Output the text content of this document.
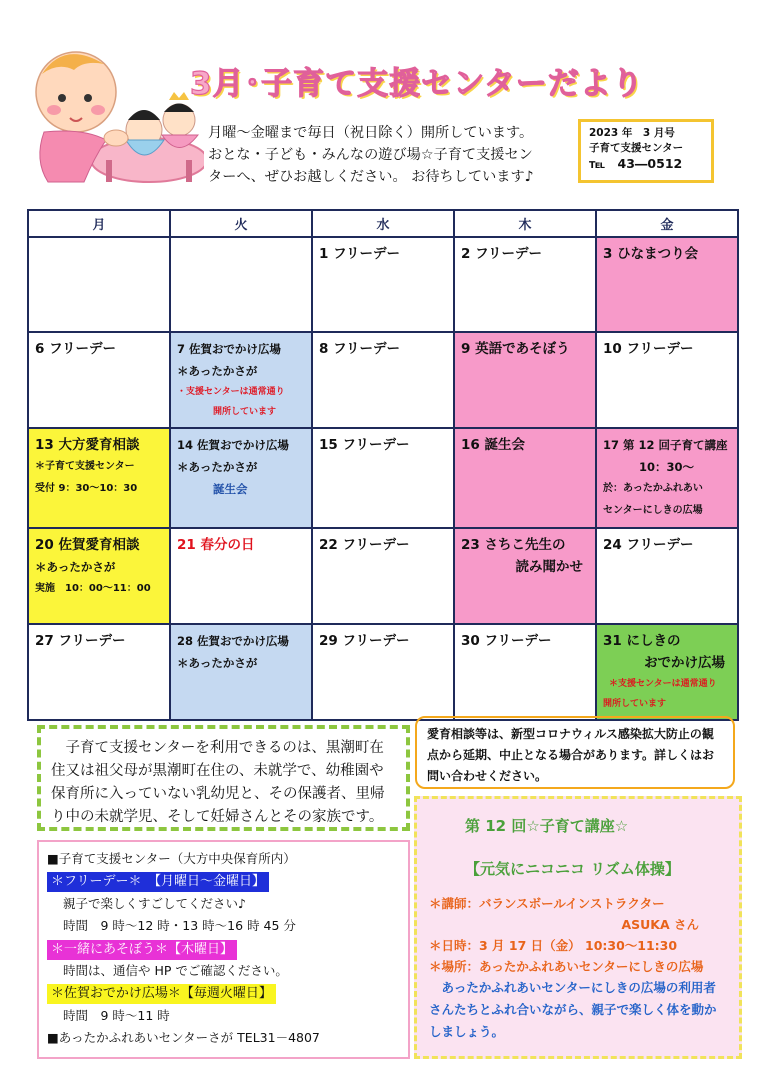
3月･子育て支援センターだより

月曜～金曜まで毎日（祝日除く）開所しています。

おとな・子ども・みんなの遊び場☆子育て支援セン

ターへ、ぜひお越しください。 お待ちしています♪

2023 年　3 月号
子育て支援センター
℡　 43―0512
月	火	水	木	金

		1 フリーデー	2 フリーデー	3 ひなまつり会

6 フリーデー	7 佐賀おでかけ広場
＊あったかさが
・支援センターは通常通り
開所しています	8 フリーデー	9 英語であそぼう	10 フリーデー

13 大方愛育相談
＊子育て支援センター
受付 9：30～10：30	14 佐賀おでかけ広場
＊あったかさが
誕生会	15 フリーデー	16 誕生会	17 第 12 回子育て講座
10：30～
於：あったかふれあい
センターにしきの広場

20 佐賀愛育相談
＊あったかさが
実施　10：00～11：00	21 春分の日	22 フリーデー	23 さちこ先生の
読み聞かせ	24 フリーデー

27 フリーデー	28 佐賀おでかけ広場
＊あったかさが	29 フリーデー	30 フリーデー	31 にしきの
おでかけ広場
＊支援センターは通常通り
開所しています

　子育て支援センターを利用できるのは、黒潮町在

住又は祖父母が黒潮町在住の、未就学で、幼稚園や

保育所に入っていない乳幼児と、その保護者、里帰

り中の未就学児、そして妊婦さんとその家族です。

愛育相談等は、新型コロナウィルス感染拡大防止の観点から延期、中止となる場合があります。詳しくはお問い合わせください。

■子育て支援センター（大方中央保育所内）

＊フリーデー＊　【月曜日～金曜日】

親子で楽しくすごしてください♪

時間　9 時～12 時・13 時～16 時 45 分

＊一緒にあそぼう＊【木曜日】

時間は、通信や HP でご確認ください。

＊佐賀おでかけ広場＊【毎週火曜日】

時間　9 時～11 時

■あったかふれあいセンターさが TEL31－4807

第 12 回☆子育て講座☆
【元気にニコニコ リズム体操】
＊講師：バランスボールインストラクター
ASUKA さん
＊日時：3 月 17 日（金） 10:30～11:30
＊場所：あったかふれあいセンターにしきの広場
　あったかふれあいセンターにしきの広場の利用者さんたちとふれ合いながら、親子で楽しく体を動かしましょう。
